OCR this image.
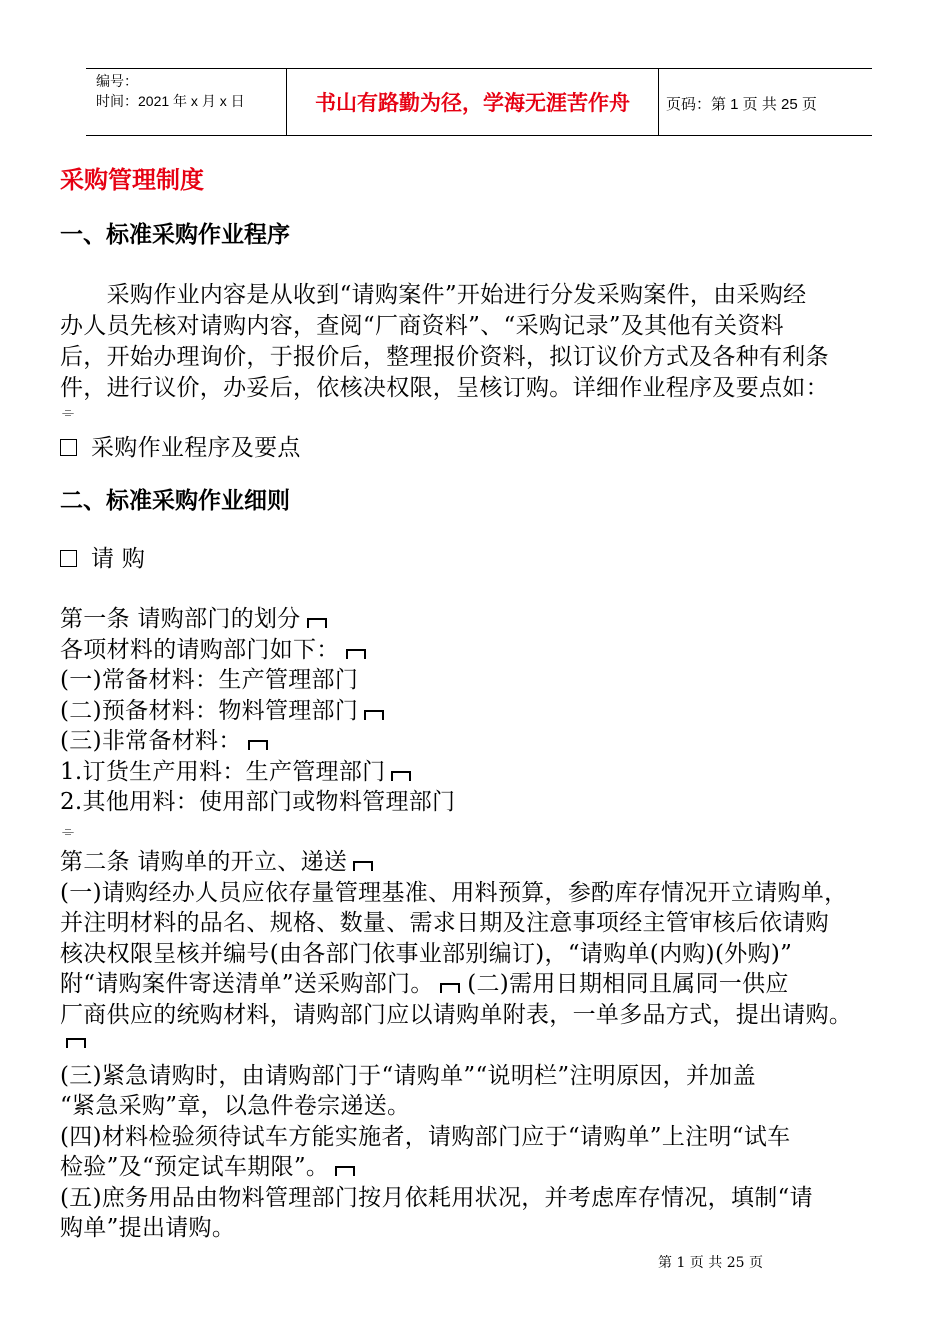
编号：
时间：2021 年 x 月 x 日	书山有路勤为径，学海无涯苦作舟	页码：第 1 页 共 25 页
采购管理制度
一、标准采购作业程序
　　采购作业内容是从收到“请购案件”开始进行分发采购案件，由采购经
办人员先核对请购内容，查阅“厂商资料”、“采购记录”及其他有关资料
后，开始办理询价，于报价后，整理报价资料，拟订议价方式及各种有利条
件，进行议价，办妥后，依核决权限，呈核订购。详细作业程序及要点如：
⌯
采购作业程序及要点
二、标准采购作业细则
请 购
第一条 请购部门的划分
各项材料的请购部门如下：
(一)常备材料：生产管理部门
(二)预备材料：物料管理部门
(三)非常备材料：
1.订货生产用料：生产管理部门
2.其他用料：使用部门或物料管理部门
⌯
第二条 请购单的开立、递送
(一)请购经办人员应依存量管理基准、用料预算，参酌库存情况开立请购单，
并注明材料的品名、规格、数量、需求日期及注意事项经主管审核后依请购
核决权限呈核并编号(由各部门依事业部别编订)，“请购单(内购)(外购)”
附“请购案件寄送清单”送采购部门。 (二)需用日期相同且属同一供应
厂商供应的统购材料，请购部门应以请购单附表，一单多品方式，提出请购。
(三)紧急请购时，由请购部门于“请购单”“说明栏”注明原因，并加盖
“紧急采购”章，以急件卷宗递送。
(四)材料检验须待试车方能实施者，请购部门应于“请购单”上注明“试车
检验”及“预定试车期限”。
(五)庶务用品由物料管理部门按月依耗用状况，并考虑库存情况，填制“请
购单”提出请购。
第 1 页 共 25 页
